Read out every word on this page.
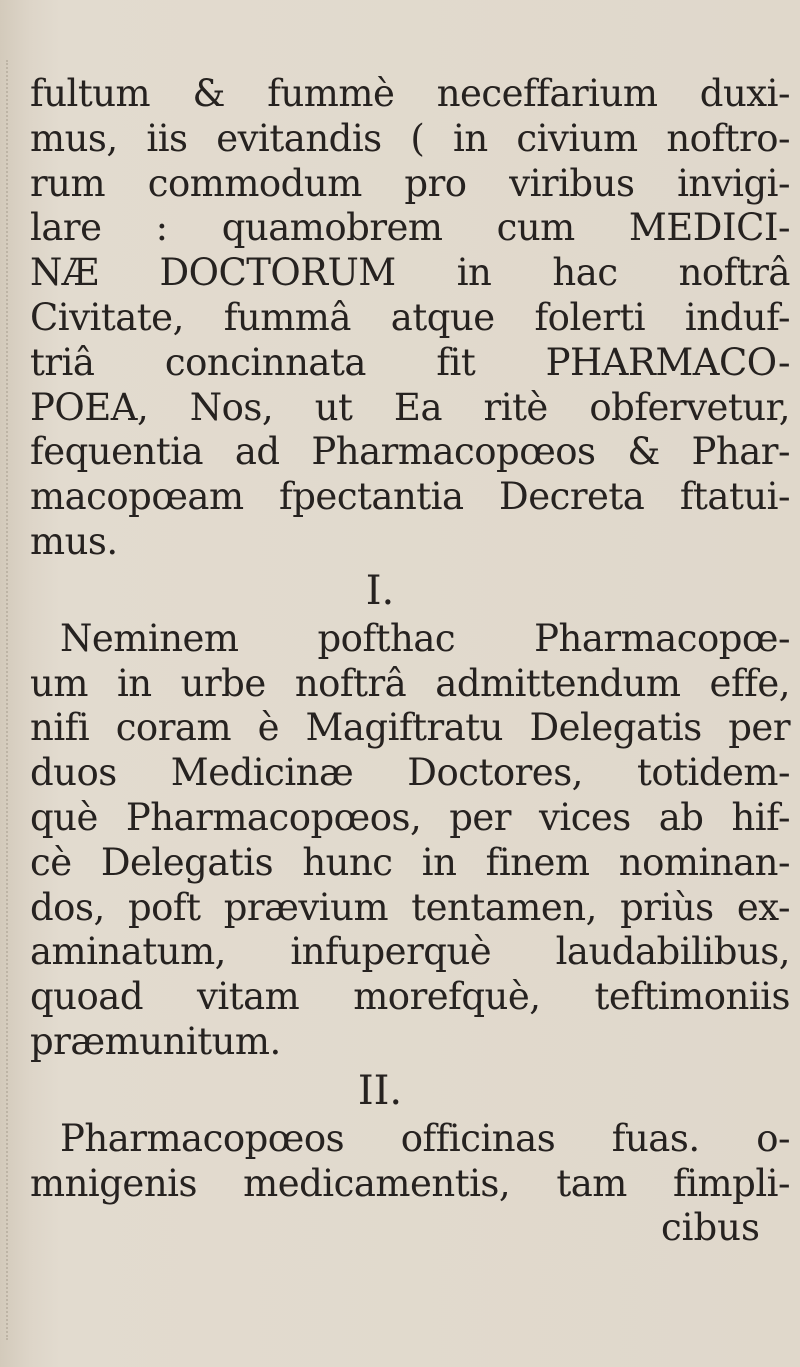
fultum & fummè neceffarium duxi-
mus, iis evitandis ( in civium noftro-
rum commodum pro viribus invigi-
lare : quamobrem cum MEDICI-
NÆ DOCTORUM in hac noftrâ
Civitate, fummâ atque folerti induf-
triâ concinnata fit PHARMACO-
POEA, Nos, ut Ea ritè obfervetur,
fequentia ad Pharmacopœos & Phar-
macopœam fpectantia Decreta ftatui-
mus.
I.
Neminem pofthac Pharmacopœ-
um in urbe noftrâ admittendum effe,
nifi coram è Magiftratu Delegatis per
duos Medicinæ Doctores, totidem-
què Pharmacopœos, per vices ab hif-
cè Delegatis hunc in finem nominan-
dos, poft prævium tentamen, priùs ex-
aminatum, infuperquè laudabilibus,
quoad vitam morefquè, teftimoniis
præmunitum.
II.
Pharmacopœos officinas fuas. o-
mnigenis medicamentis, tam fimpli-
cibus
